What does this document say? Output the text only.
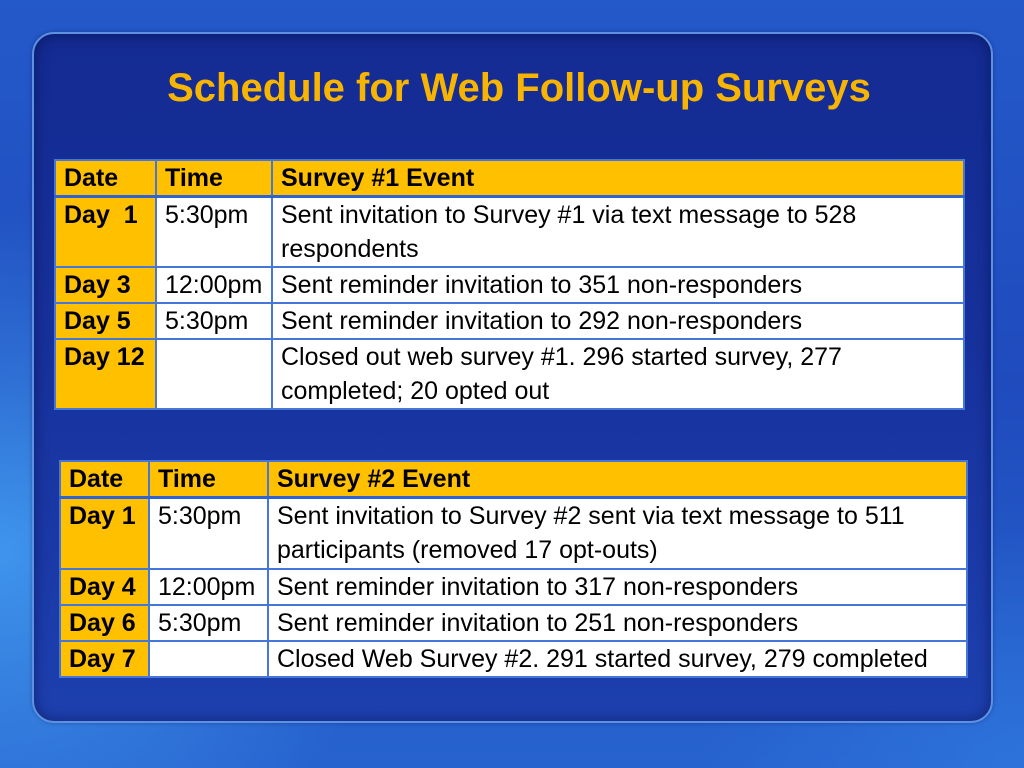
Schedule for Web Follow-up Surveys
Date	Time	Survey #1 Event
Day  1	5:30pm	Sent invitation to Survey #1 via text message to 528 respondents
Day 3	12:00pm	Sent reminder invitation to 351 non-responders
Day 5	5:30pm	Sent reminder invitation to 292 non-responders
Day 12		Closed out web survey #1. 296 started survey, 277 completed; 20 opted out
Date	Time	Survey #2 Event
Day 1	5:30pm	Sent invitation to Survey #2 sent via text message to 511 participants (removed 17 opt-outs)
Day 4	12:00pm	Sent reminder invitation to 317 non-responders
Day 6	5:30pm	Sent reminder invitation to 251 non-responders
Day 7		Closed Web Survey #2. 291 started survey, 279 completed
